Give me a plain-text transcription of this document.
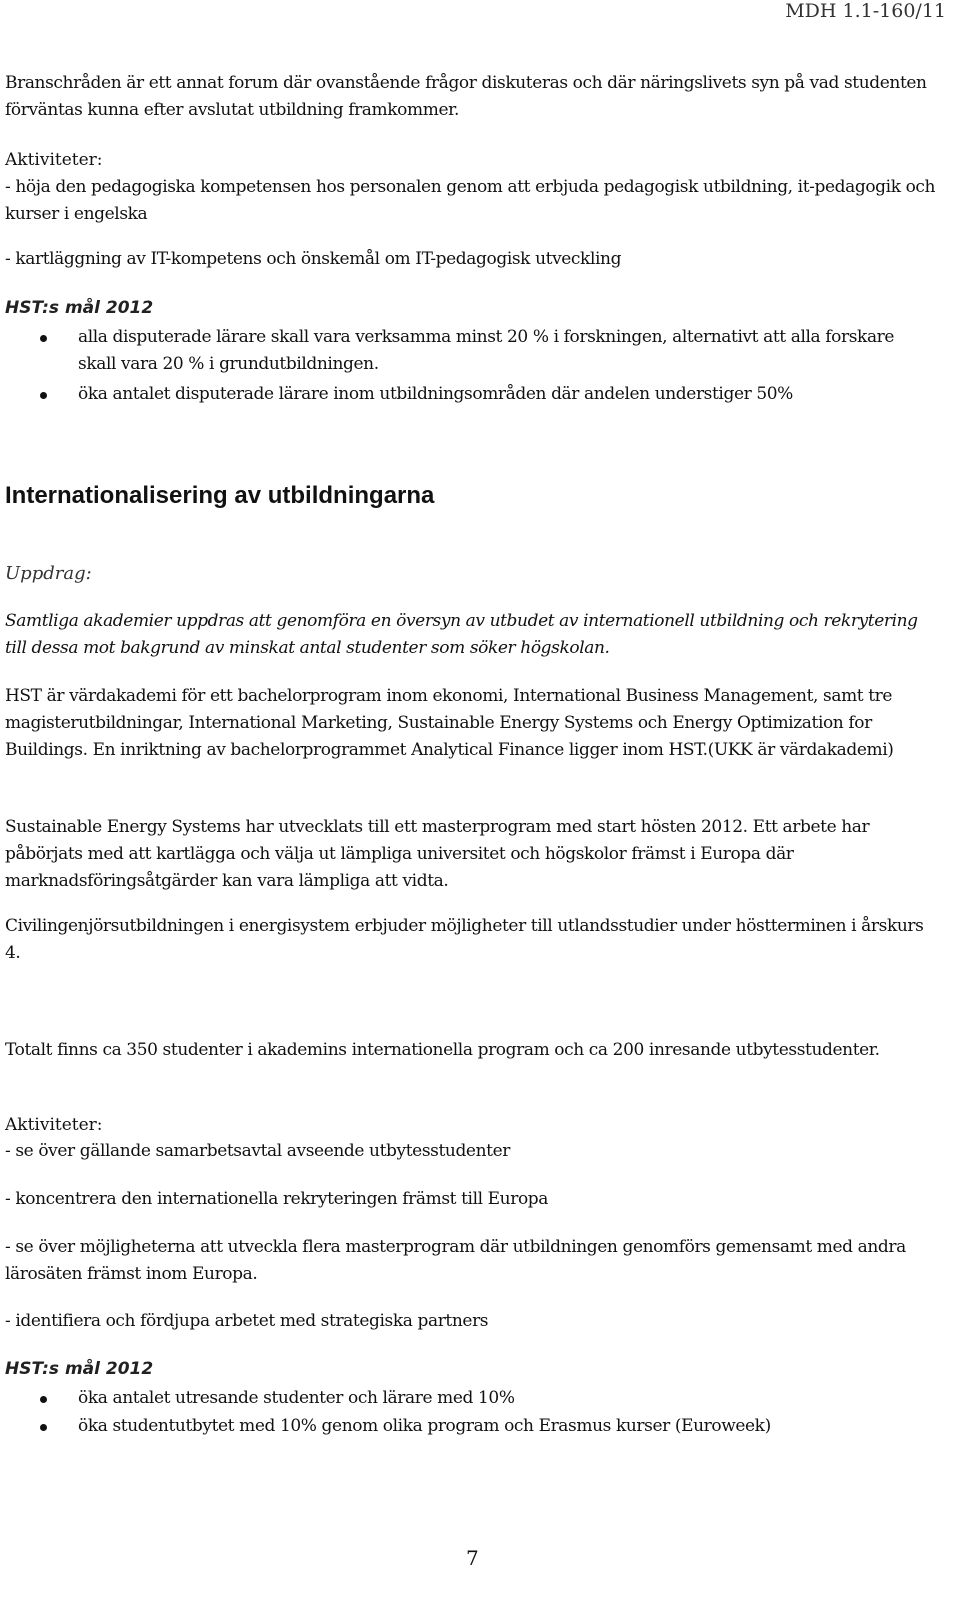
MDH 1.1-160/11

Branschråden är ett annat forum där ovanstående frågor diskuteras och där näringslivets syn på vad studenten förväntas kunna efter avslutat utbildning framkommer.

Aktiviteter:

- höja den pedagogiska kompetensen hos personalen genom att erbjuda pedagogisk utbildning, it-pedagogik och kurser i engelska

- kartläggning av IT-kompetens och önskemål om IT-pedagogisk utveckling

HST:s mål 2012
alla disputerade lärare skall vara verksamma minst 20 % i forskningen, alternativt att alla forskare skall vara 20 % i grundutbildningen.
öka antalet disputerade lärare inom utbildningsområden där andelen understiger 50%
Internationalisering av utbildningarna
Uppdrag:

Samtliga akademier uppdras att genomföra en översyn av utbudet av internationell utbildning och rekrytering till dessa mot bakgrund av minskat antal studenter som söker högskolan.

HST är värdakademi för ett bachelorprogram inom ekonomi, International Business Management, samt tre magisterutbildningar, International Marketing, Sustainable Energy Systems och Energy Optimization for Buildings. En inriktning av bachelorprogrammet Analytical Finance ligger inom HST.(UKK är värdakademi)

Sustainable Energy Systems har utvecklats till ett masterprogram med start hösten 2012. Ett arbete har påbörjats med att kartlägga och välja ut lämpliga universitet och högskolor främst i Europa där marknadsföringsåtgärder kan vara lämpliga att vidta.

Civilingenjörsutbildningen i energisystem erbjuder möjligheter till utlandsstudier under höstterminen i årskurs 4.

Totalt finns ca 350 studenter i akademins internationella program och ca 200 inresande utbytesstudenter.

Aktiviteter:

- se över gällande samarbetsavtal avseende utbytesstudenter

- koncentrera den internationella rekryteringen främst till Europa

- se över möjligheterna att utveckla flera masterprogram där utbildningen genomförs gemensamt med andra lärosäten främst inom Europa.

- identifiera och fördjupa arbetet med strategiska partners

HST:s mål 2012
öka antalet utresande studenter och lärare med 10%
öka studentutbytet med 10% genom olika program och Erasmus kurser (Euroweek)
7
